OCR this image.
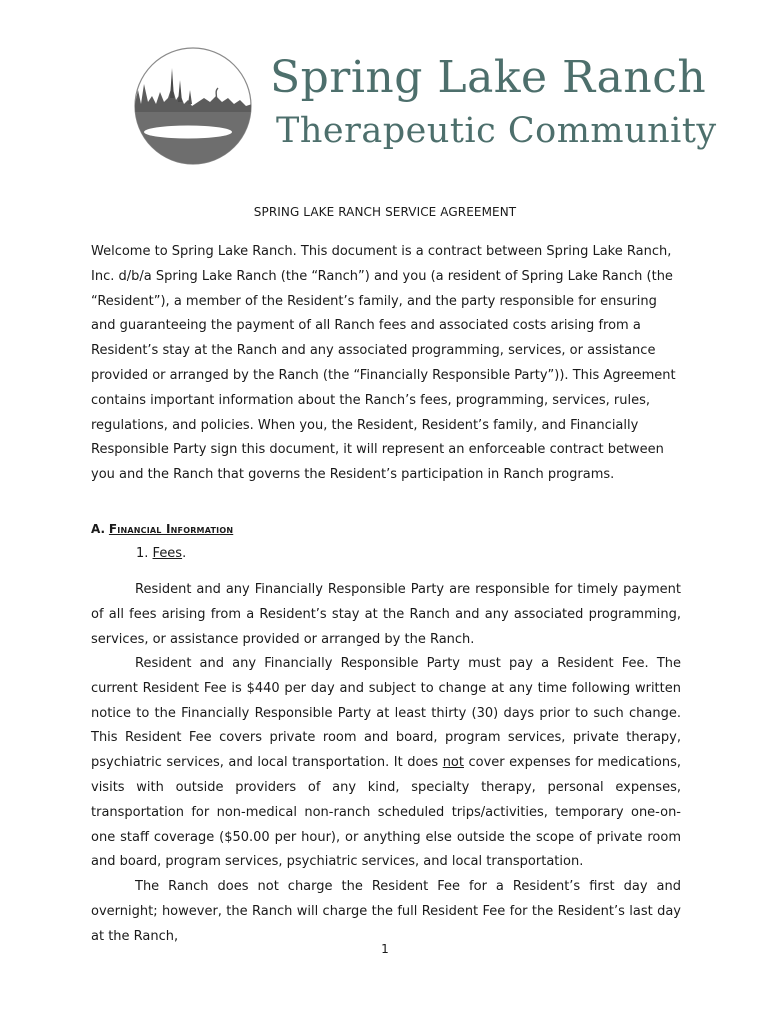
Spring Lake Ranch
Therapeutic Community
SPRING LAKE RANCH SERVICE AGREEMENT

Welcome to Spring Lake Ranch. This document is a contract between Spring Lake Ranch, Inc. d/b/a Spring Lake Ranch (the “Ranch”) and you (a resident of Spring Lake Ranch (the “Resident”), a member of the Resident’s family, and the party responsible for ensuring and guaranteeing the payment of all Ranch fees and associated costs arising from a Resident’s stay at the Ranch and any associated programming, services, or assistance provided or arranged by the Ranch (the “Financially Responsible Party”)). This Agreement contains important information about the Ranch’s fees, programming, services, rules, regulations, and policies. When you, the Resident, Resident’s family, and Financially Responsible Party sign this document, it will represent an enforceable contract between you and the Ranch that governs the Resident’s participation in Ranch programs.

A. Financial Information

1. Fees.

Resident and any Financially Responsible Party are responsible for timely payment of all fees arising from a Resident’s stay at the Ranch and any associated programming, services, or assistance provided or arranged by the Ranch.

Resident and any Financially Responsible Party must pay a Resident Fee. The current Resident Fee is $440 per day and subject to change at any time following written notice to the Financially Responsible Party at least thirty (30) days prior to such change. This Resident Fee covers private room and board, program services, private therapy, psychiatric services, and local transportation. It does not cover expenses for medications, visits with outside providers of any kind, specialty therapy, personal expenses, transportation for non-medical non-ranch scheduled trips/activities, temporary one-on-one staff coverage ($50.00 per hour), or anything else outside the scope of private room and board, program services, psychiatric services, and local transportation.

The Ranch does not charge the Resident Fee for a Resident’s first day and overnight; however, the Ranch will charge the full Resident Fee for the Resident’s last day at the Ranch,

1
